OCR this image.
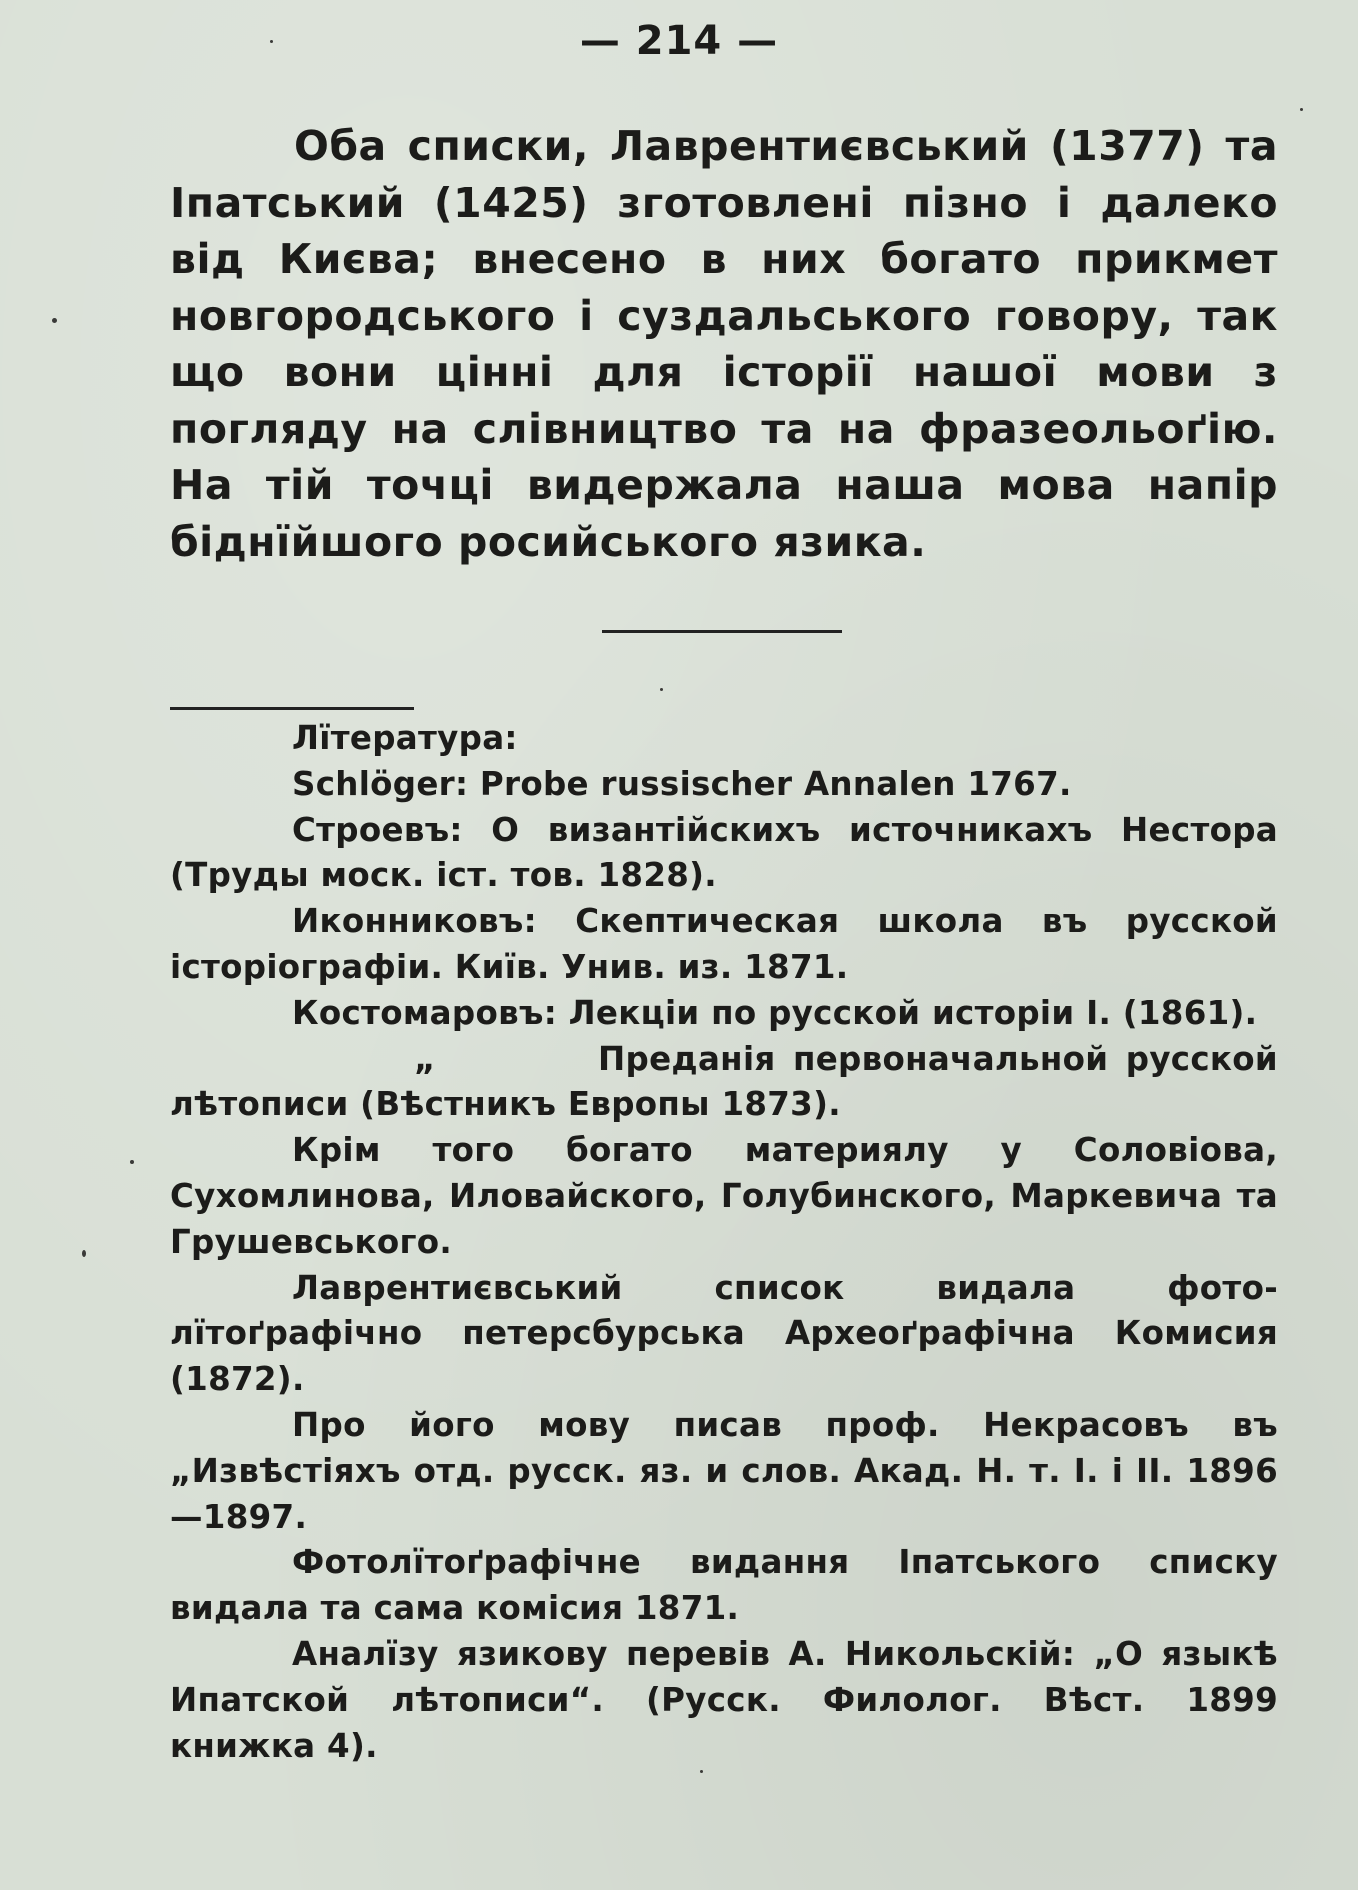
— 214 —

Оба списки, Лаврентиєвський (1377) та Іпатський (1425) зготовлені пізно і далеко від Києва; внесено в них богато прикмет новгородського і суздальського говору, так що вони цінні для історії нашої мови з погляду на слівництво та на фразеольоґію. На тій точці видержала наша мова напір біднїйшого росийського язика.

Лїтература:

Schlöger: Probe russischer Annalen 1767.

Строевъ: О византійскихъ источникахъ Нестора (Труды моск. іст. тов. 1828).

Иконниковъ: Скептическая школа въ русской історіографіи. Київ. Унив. из. 1871.

Костомаровъ: Лекціи по русской исторіи I. (1861).

„	Преданія первоначальной русской

лѣтописи (Вѣстникъ Европы 1873).

Крім того богато материялу у Соловіова, Сухомлинова, Иловайского, Голубинского, Маркевича та Грушевського.

Лаврентиєвський список видала фото-лїтоґрафічно петерсбурська Археоґрафічна Комисия (1872).

Про його мову писав проф. Некрасовъ въ „Извѣстіяхъ отд. русск. яз. и слов. Акад. Н. т. I. і II. 1896—1897.

Фотолїтоґрафічне видання Іпатського списку видала та сама комісия 1871.

Аналїзу язикову перевів А. Никольскій: „О языкѣ Ипатской лѣтописи“. (Русск. Филолог. Вѣст. 1899 книжка 4).
